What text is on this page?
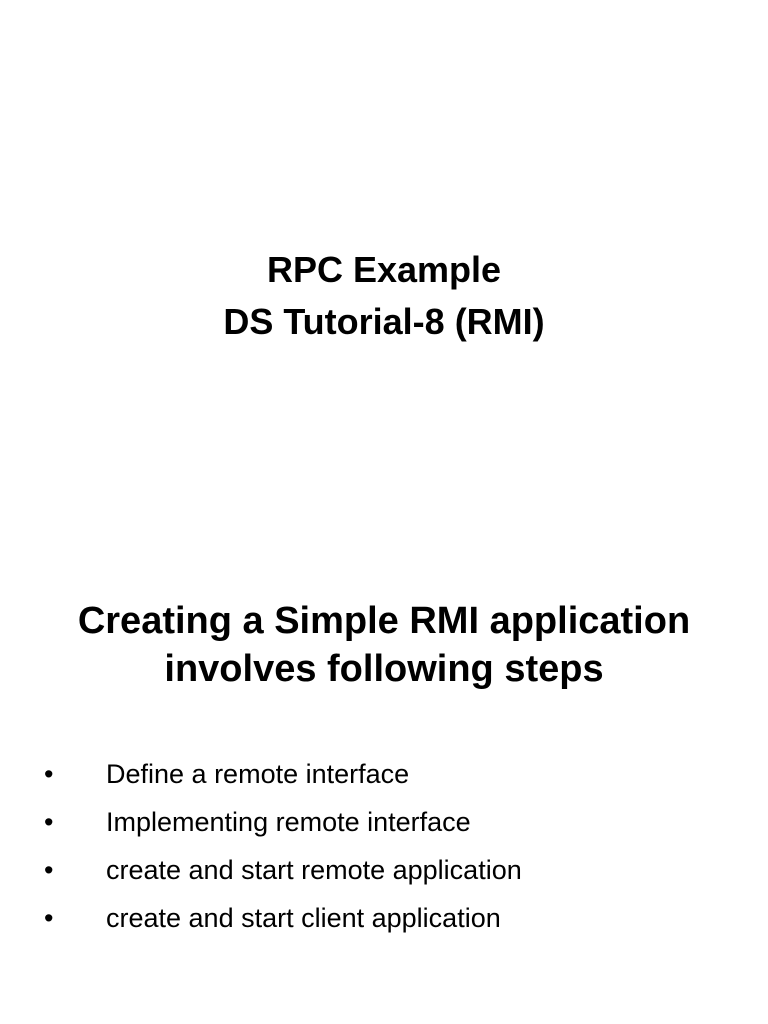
RPC Example
DS Tutorial-8 (RMI)
Creating a Simple RMI application
involves following steps
•	Define a remote interface
•	Implementing remote interface
•	create and start remote application
•	create and start client application
